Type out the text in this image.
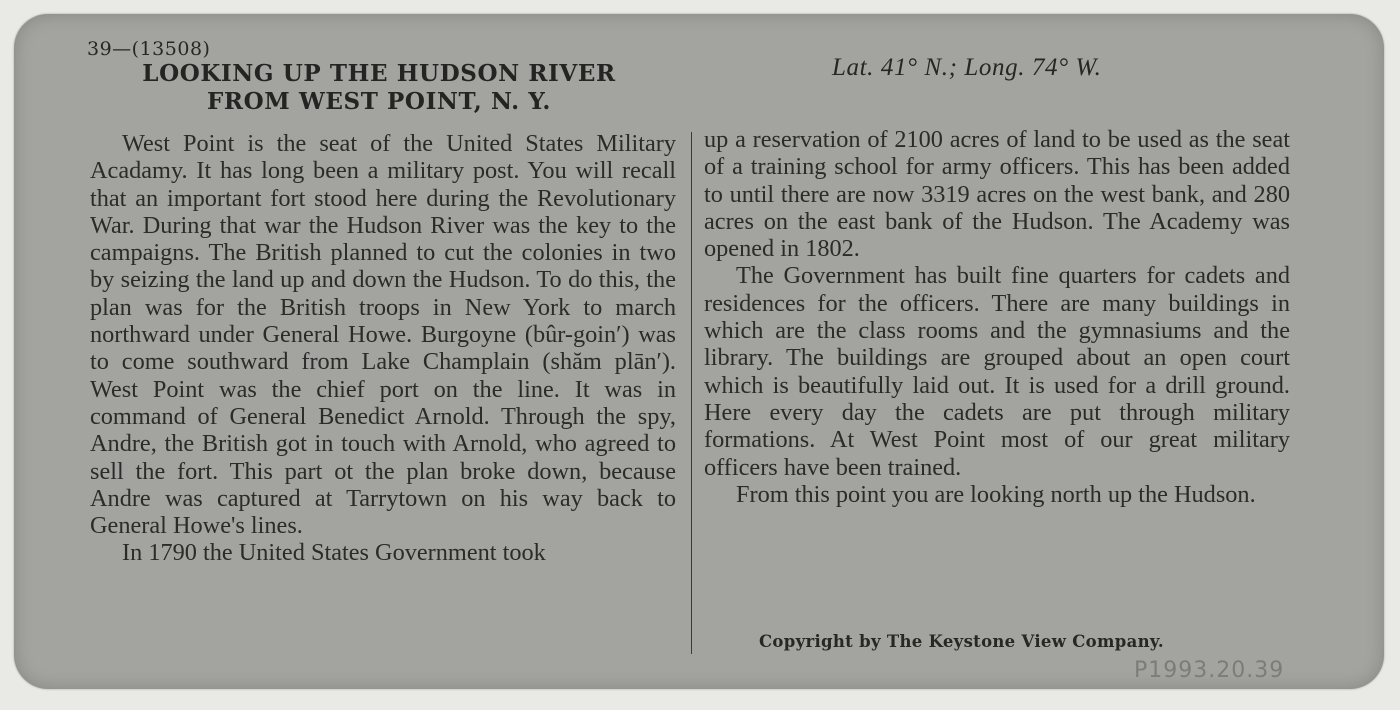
39—(13508)
LOOKING UP THE HUDSON RIVER
FROM WEST POINT, N. Y.
Lat. 41° N.; Long. 74° W.

West Point is the seat of the United States Military Acadamy. It has long been a military post. You will recall that an important fort stood here during the Revolutionary War. During that war the Hudson River was the key to the campaigns. The British planned to cut the colonies in two by seizing the land up and down the Hudson. To do this, the plan was for the British troops in New York to march northward under General Howe. Burgoyne (bûr-goin′) was to come southward from Lake Champlain (shăm plān′). West Point was the chief port on the line. It was in command of General Benedict Arnold. Through the spy, Andre, the British got in touch with Arnold, who agreed to sell the fort. This part ot the plan broke down, because Andre was captured at Tarrytown on his way back to General Howe's lines.

In 1790 the United States Government took

up a reservation of 2100 acres of land to be used as the seat of a training school for army officers. This has been added to until there are now 3319 acres on the west bank, and 280 acres on the east bank of the Hudson. The Academy was opened in 1802.

The Government has built fine quarters for cadets and residences for the officers. There are many buildings in which are the class rooms and the gymnasiums and the library. The buildings are grouped about an open court which is beautifully laid out. It is used for a drill ground. Here every day the cadets are put through military formations. At West Point most of our great military officers have been trained.

From this point you are looking north up the Hudson.

Copyright by The Keystone View Company.
P1993.20.39
